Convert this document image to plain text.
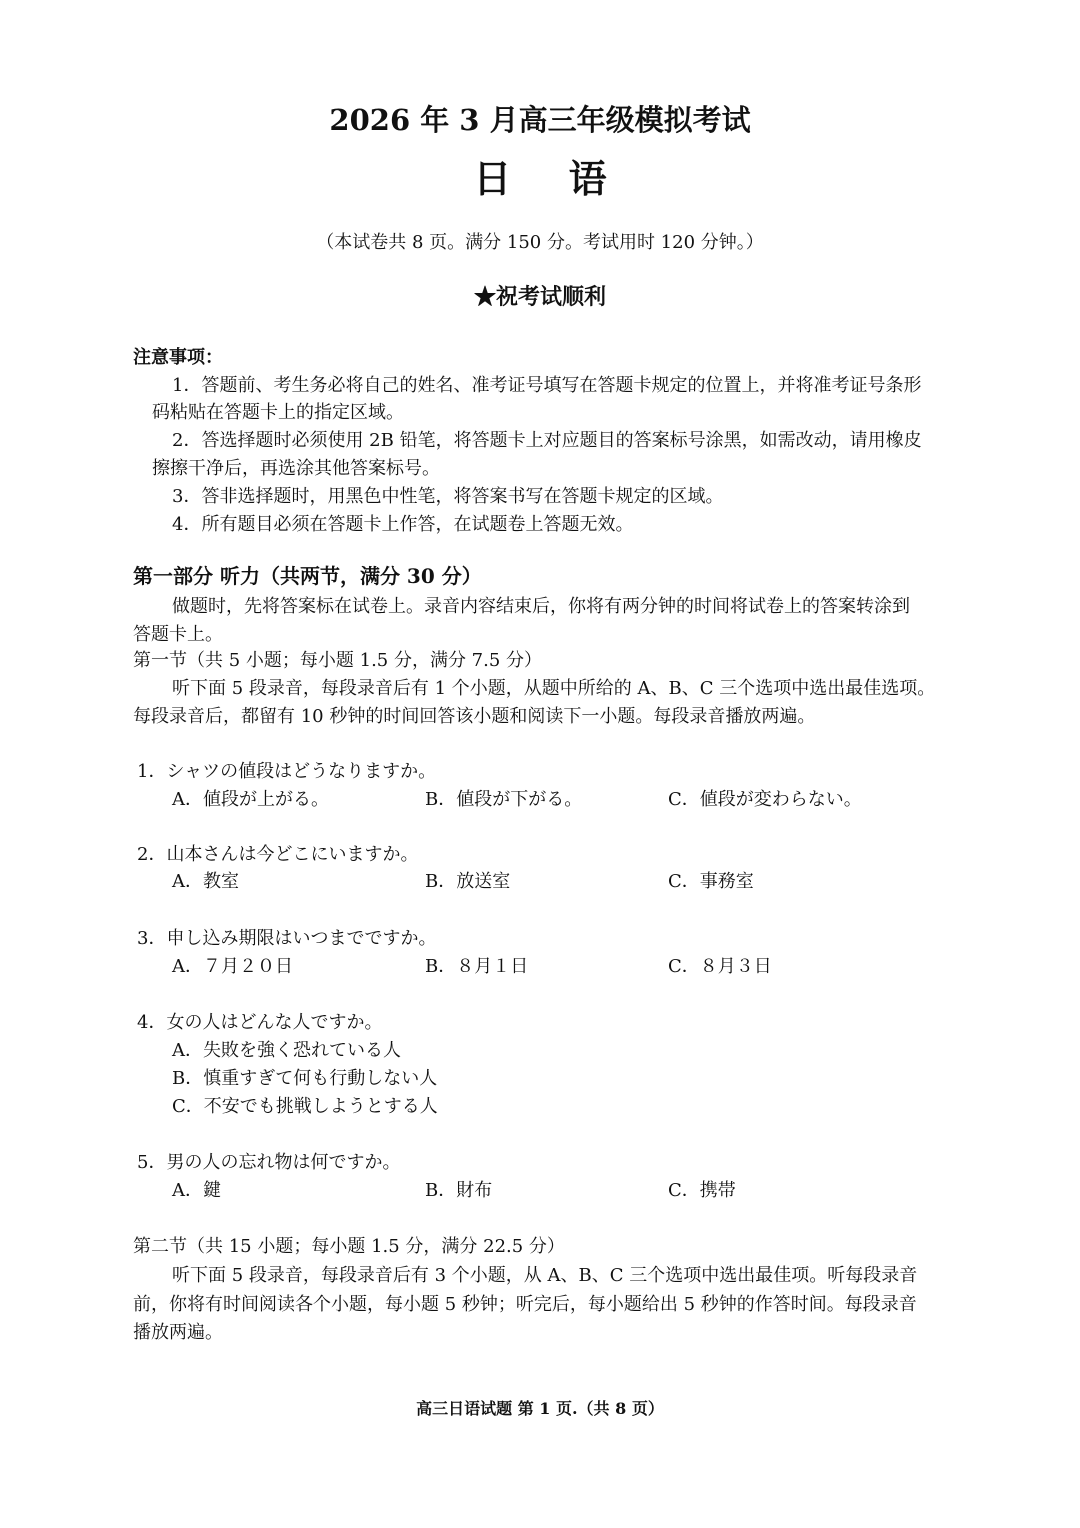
2026 年 3 月高三年级模拟考试
日 语
（本试卷共 8 页。满分 150 分。考试用时 120 分钟。）
★祝考试顺利
注意事项：
1．答题前、考生务必将自己的姓名、准考证号填写在答题卡规定的位置上，并将准考证号条形
码粘贴在答题卡上的指定区域。
2．答选择题时必须使用 2B 铅笔，将答题卡上对应题目的答案标号涂黑，如需改动，请用橡皮
擦擦干净后，再选涂其他答案标号。
3．答非选择题时，用黑色中性笔，将答案书写在答题卡规定的区域。
4．所有题目必须在答题卡上作答，在试题卷上答题无效。
第一部分 听力（共两节，满分 30 分）
做题时，先将答案标在试卷上。录音内容结束后，你将有两分钟的时间将试卷上的答案转涂到
答题卡上。
第一节（共 5 小题；每小题 1.5 分，满分 7.5 分）
听下面 5 段录音，每段录音后有 1 个小题，从题中所给的 A、B、C 三个选项中选出最佳选项。
每段录音后，都留有 10 秒钟的时间回答该小题和阅读下一小题。每段录音播放两遍。
1．シャツの値段はどうなりますか。
A．値段が上がる。	B．値段が下がる。	C．値段が変わらない。
2．山本さんは今どこにいますか。
A．教室	B．放送室	C．事務室
3．申し込み期限はいつまでですか。
A．７月２０日	B．８月１日	C．８月３日
4．女の人はどんな人ですか。
A．失敗を強く恐れている人
B．慎重すぎて何も行動しない人
C．不安でも挑戦しようとする人
5．男の人の忘れ物は何ですか。
A．鍵	B．財布	C．携帯
第二节（共 15 小题；每小题 1.5 分，满分 22.5 分）
听下面 5 段录音，每段录音后有 3 个小题，从 A、B、C 三个选项中选出最佳项。听每段录音
前，你将有时间阅读各个小题，每小题 5 秒钟；听完后，每小题给出 5 秒钟的作答时间。每段录音
播放两遍。
高三日语试题 第 1 页.（共 8 页）
